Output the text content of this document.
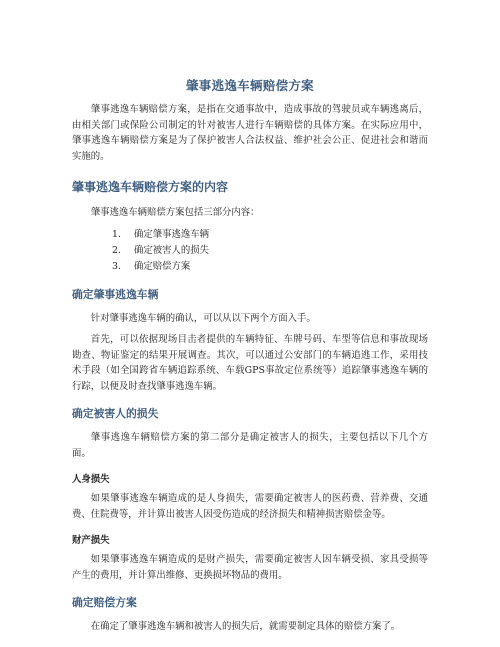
肇事逃逸车辆赔偿方案

肇事逃逸车辆赔偿方案，是指在交通事故中，造成事故的驾驶员或车辆逃离后，由相关部门或保险公司制定的针对被害人进行车辆赔偿的具体方案。在实际应用中，肇事逃逸车辆赔偿方案是为了保护被害人合法权益、维护社会公正、促进社会和谐而实施的。

肇事逃逸车辆赔偿方案的内容

肇事逃逸车辆赔偿方案包括三部分内容：

1. 确定肇事逃逸车辆
2. 确定被害人的损失
3. 确定赔偿方案
确定肇事逃逸车辆

针对肇事逃逸车辆的确认，可以从以下两个方面入手。

首先，可以依据现场目击者提供的车辆特征、车牌号码、车型等信息和事故现场勘查、物证鉴定的结果开展调查。其次，可以通过公安部门的车辆追逃工作，采用技术手段（如全国跨省车辆追踪系统、车载GPS事故定位系统等）追踪肇事逃逸车辆的行踪，以便及时查找肇事逃逸车辆。

确定被害人的损失

肇事逃逸车辆赔偿方案的第二部分是确定被害人的损失，主要包括以下几个方面。

人身损失

如果肇事逃逸车辆造成的是人身损失，需要确定被害人的医药费、营养费、交通费、住院费等，并计算出被害人因受伤造成的经济损失和精神损害赔偿金等。

财产损失

如果肇事逃逸车辆造成的是财产损失，需要确定被害人因车辆受损、家具受损等产生的费用，并计算出维修、更换损坏物品的费用。

确定赔偿方案

在确定了肇事逃逸车辆和被害人的损失后，就需要制定具体的赔偿方案了。
